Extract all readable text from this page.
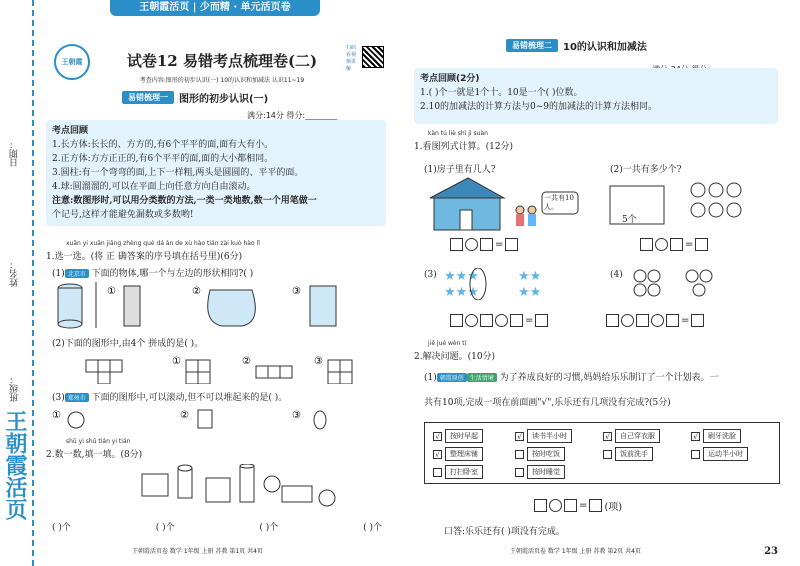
王朝霞活页 | 少而精 · 单元活页卷
日期：
姓名：
班级：
王朝霞活页
王朝霞	试卷12 易错考点梳理卷(二)
扫码看视频讲解
考查内容:图形的初步认识(一) 10的认识和加减法 认识11~19
易错梳理一	图形的初步认识(一)
满分:14分 得分:________
考点回顾
1.长方体:长长的、方方的,有6个平平的面,面有大有小。
2.正方体:方方正正的,有6个平平的面,面的大小都相同。
3.圆柱:有一个弯弯的面,上下一样粗,两头是圆圆的、平平的面。
4.球:圆溜溜的,可以在平面上向任意方向自由滚动。
注意:数图形时,可以用分类数的方法,一类一类地数,数一个用笔做一
个记号,这样才能避免漏数或多数哟!
xuǎn yi xuǎn jiāng zhèng què dá àn de xù hào tián zài kuò hào lǐ
1.选一选。(将 正 确答案的序号填在括号里)(6分)
(1) 北京市 下面的物体,哪一个与左边的形状相同?( )
①	②	③
(2)下面的图形中,由4个 拼成的是( )。
①	②	③
(3) 郑州市 下面的图形中,可以滚动,但不可以堆起来的是( )。
①	②	③
shǔ yi shǔ tián yi tián
2.数一数,填一填。(8分)
( )个	( )个	( )个	( )个
王朝霞活页卷 数学 1年级 上册 苏教 第1页 共4页
易错梳理二	10的认识和加减法
考点回顾(2分)
1.( )个一就是1个十。10是一个( )位数。
2.10的加减法的计算方法与0~9的加减法的计算方法相同。
kàn tú liè shì jì suàn
1.看图列式计算。(12分)
(1)房子里有几人?	(2)一共有多少个?
一共有10人。
5个
=	=
(3) ★★★
★★★
★★
★★
(4)
=	=
jiě jué wèn tí
2.解决问题。(10分)
(1) 朝霞原创 生活情境 为了养成良好的习惯,妈妈给乐乐制订了一个计划表。一
共有10项,完成一项在前面画"√",乐乐还有几项没有完成?(5分)
√	按时早起	√	读书半小时	√	自己穿衣服	√	刷牙洗脸
√	整理床铺	按时吃饭	饭前洗手	运动半小时
打扫卧室	按时睡觉
= (项)
口答:乐乐还有( )项没有完成。
王朝霞活页卷 数学 1年级 上册 苏教 第2页 共4页	23
